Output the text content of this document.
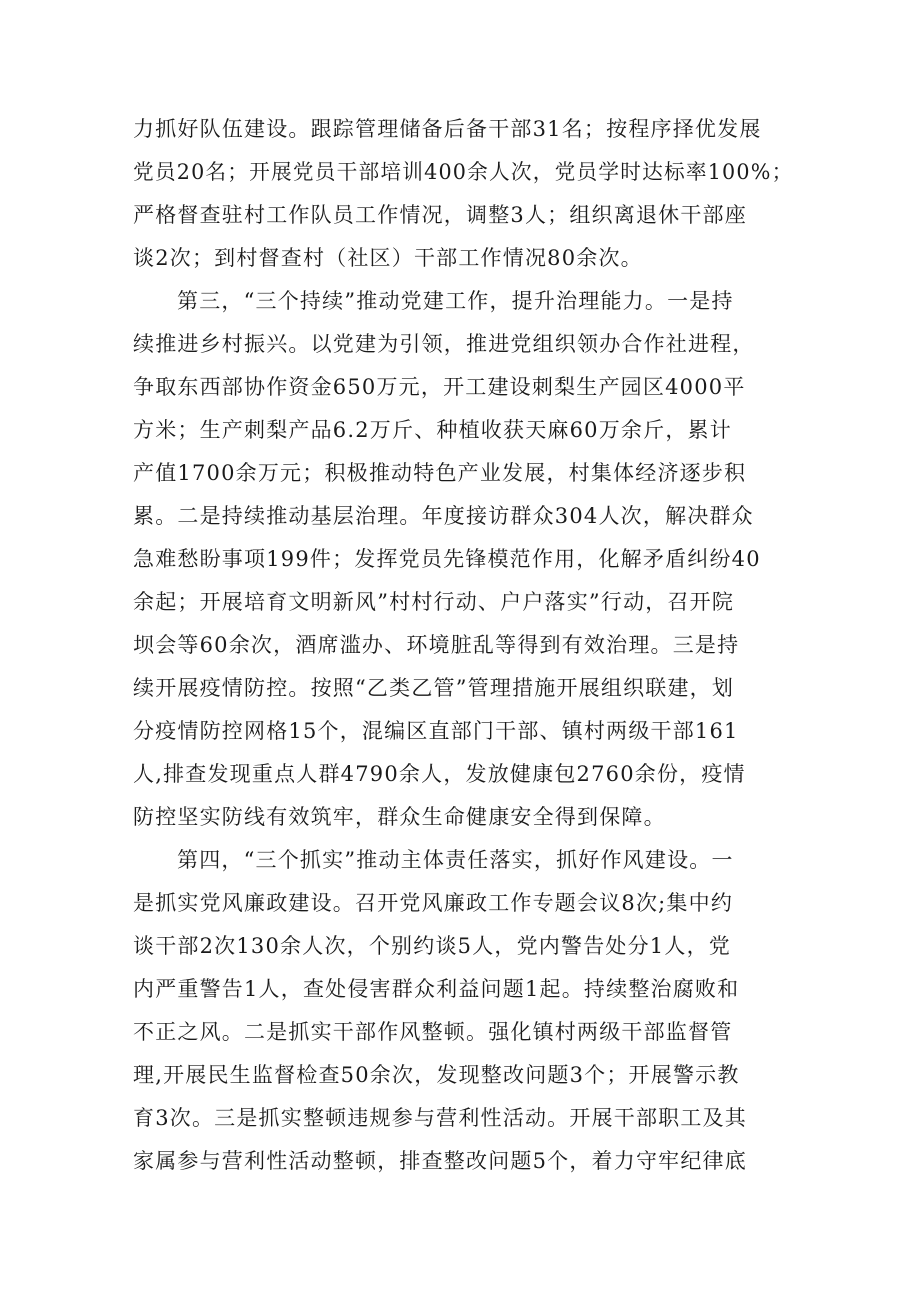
力抓好队伍建设。跟踪管理储备后备干部31名；按程序择优发展
党员20名；开展党员干部培训400余人次，党员学时达标率100%；
严格督查驻村工作队员工作情况，调整3人；组织离退休干部座
谈2次；到村督查村（社区）干部工作情况80余次。
第三，“三个持续”推动党建工作，提升治理能力。一是持
续推进乡村振兴。以党建为引领，推进党组织领办合作社进程，
争取东西部协作资金650万元，开工建设刺梨生产园区4000平
方米；生产刺梨产品6.2万斤、种植收获天麻60万余斤，累计
产值1700余万元；积极推动特色产业发展，村集体经济逐步积
累。二是持续推动基层治理。年度接访群众304人次，解决群众
急难愁盼事项199件；发挥党员先锋模范作用，化解矛盾纠纷40
余起；开展培育文明新风”村村行动、户户落实”行动，召开院
坝会等60余次，酒席滥办、环境脏乱等得到有效治理。三是持
续开展疫情防控。按照“乙类乙管”管理措施开展组织联建，划
分疫情防控网格15个，混编区直部门干部、镇村两级干部161
人,排查发现重点人群4790余人，发放健康包2760余份，疫情
防控坚实防线有效筑牢，群众生命健康安全得到保障。
第四，“三个抓实”推动主体责任落实，抓好作风建设。一
是抓实党风廉政建设。召开党风廉政工作专题会议8次;集中约
谈干部2次130余人次，个别约谈5人，党内警告处分1人，党
内严重警告1人，查处侵害群众利益问题1起。持续整治腐败和
不正之风。二是抓实干部作风整顿。强化镇村两级干部监督管
理,开展民生监督检查50余次，发现整改问题3个；开展警示教
育3次。三是抓实整顿违规参与营利性活动。开展干部职工及其
家属参与营利性活动整顿，排查整改问题5个，着力守牢纪律底
